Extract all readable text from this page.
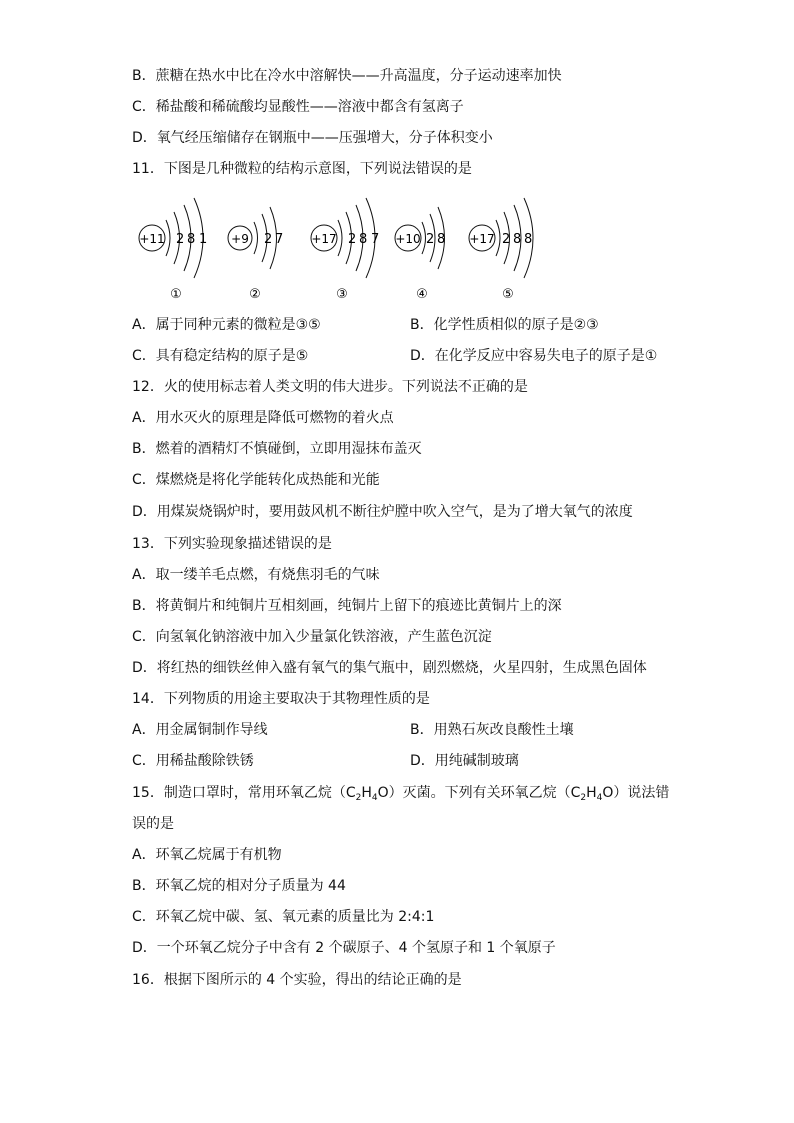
B．蔗糖在热水中比在冷水中溶解快——升高温度，分子运动速率加快
C．稀盐酸和稀硫酸均显酸性——溶液中都含有氢离子
D．氧气经压缩储存在钢瓶中——压强增大，分子体积变小
11．下图是几种微粒的结构示意图，下列说法错误的是
+11 2 8 1
①
+9 2 7
②
+17 2 8 7
③
+10 2 8
④
+17 2 8 8
⑤
A．属于同种元素的微粒是③⑤	B．化学性质相似的原子是②③
C．具有稳定结构的原子是⑤	D．在化学反应中容易失电子的原子是①
12．火的使用标志着人类文明的伟大进步。下列说法不正确的是
A．用水灭火的原理是降低可燃物的着火点
B．燃着的酒精灯不慎碰倒，立即用湿抹布盖灭
C．煤燃烧是将化学能转化成热能和光能
D．用煤炭烧锅炉时，要用鼓风机不断往炉膛中吹入空气，是为了增大氧气的浓度
13．下列实验现象描述错误的是
A．取一缕羊毛点燃，有烧焦羽毛的气味
B．将黄铜片和纯铜片互相刻画，纯铜片上留下的痕迹比黄铜片上的深
C．向氢氧化钠溶液中加入少量氯化铁溶液，产生蓝色沉淀
D．将红热的细铁丝伸入盛有氧气的集气瓶中，剧烈燃烧，火星四射，生成黑色固体
14．下列物质的用途主要取决于其物理性质的是
A．用金属铜制作导线	B．用熟石灰改良酸性土壤
C．用稀盐酸除铁锈	D．用纯碱制玻璃
15．制造口罩时，常用环氧乙烷$(C_2H_4O)$灭菌。下列有关环氧乙烷$(C_2H_4O)$说法错
误的是
A．环氧乙烷属于有机物
B．环氧乙烷的相对分子质量为 44
C．环氧乙烷中碳、氢、氧元素的质量比为 2:4:1
D．一个环氧乙烷分子中含有 2 个碳原子、4 个氢原子和 1 个氧原子
16．根据下图所示的 4 个实验，得出的结论正确的是
